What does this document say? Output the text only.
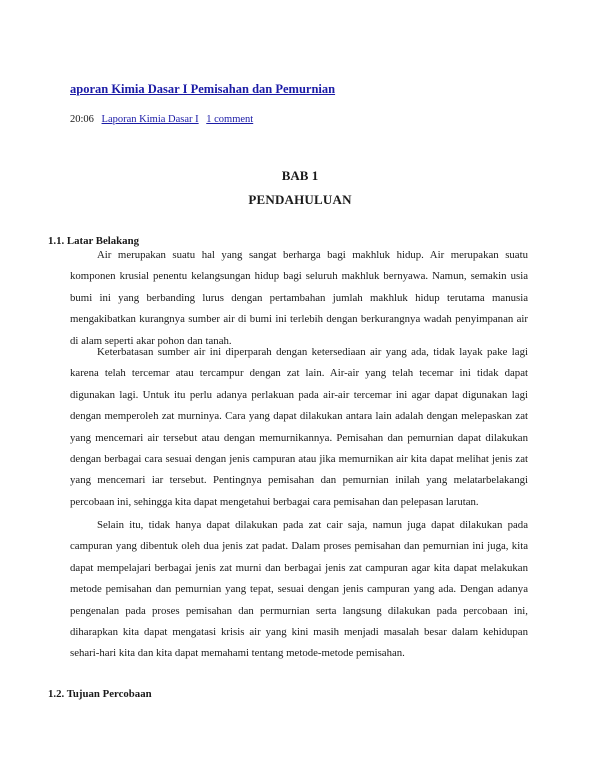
aporan Kimia Dasar I Pemisahan dan Pemurnian
20:06 Laporan Kimia Dasar I 1 comment
BAB 1
PENDAHULUAN
1.1. Latar Belakang

Air merupakan suatu hal yang sangat berharga bagi makhluk hidup. Air merupakan suatu komponen krusial penentu kelangsungan hidup bagi seluruh makhluk bernyawa. Namun, semakin usia bumi ini yang berbanding lurus dengan pertambahan jumlah makhluk hidup terutama manusia mengakibatkan kurangnya sumber air di bumi ini terlebih dengan berkurangnya wadah penyimpanan air di alam seperti akar pohon dan tanah.

Keterbatasan sumber air ini diperparah dengan ketersediaan air yang ada, tidak layak pake lagi karena telah tercemar atau tercampur dengan zat lain. Air-air yang telah tecemar ini tidak dapat digunakan lagi. Untuk itu perlu adanya perlakuan pada air-air tercemar ini agar dapat digunakan lagi dengan memperoleh zat murninya. Cara yang dapat dilakukan antara lain adalah dengan melepaskan zat yang mencemari air tersebut atau dengan memurnikannya. Pemisahan dan pemurnian dapat dilakukan dengan berbagai cara sesuai dengan jenis campuran atau jika memurnikan air kita dapat melihat jenis zat yang mencemari iar tersebut. Pentingnya pemisahan dan pemurnian inilah yang melatarbelakangi percobaan ini, sehingga kita dapat mengetahui berbagai cara pemisahan dan pelepasan larutan.

Selain itu, tidak hanya dapat dilakukan pada zat cair saja, namun juga dapat dilakukan pada campuran yang dibentuk oleh dua jenis zat padat. Dalam proses pemisahan dan pemurnian ini juga, kita dapat mempelajari berbagai jenis zat murni dan berbagai jenis zat campuran agar kita dapat melakukan metode pemisahan dan pemurnian yang tepat, sesuai dengan jenis campuran yang ada. Dengan adanya pengenalan pada proses pemisahan dan permurnian serta langsung dilakukan pada percobaan ini, diharapkan kita dapat mengatasi krisis air yang kini masih menjadi masalah besar dalam kehidupan sehari-hari kita dan kita dapat memahami tentang metode-metode pemisahan.

1.2. Tujuan Percobaan
